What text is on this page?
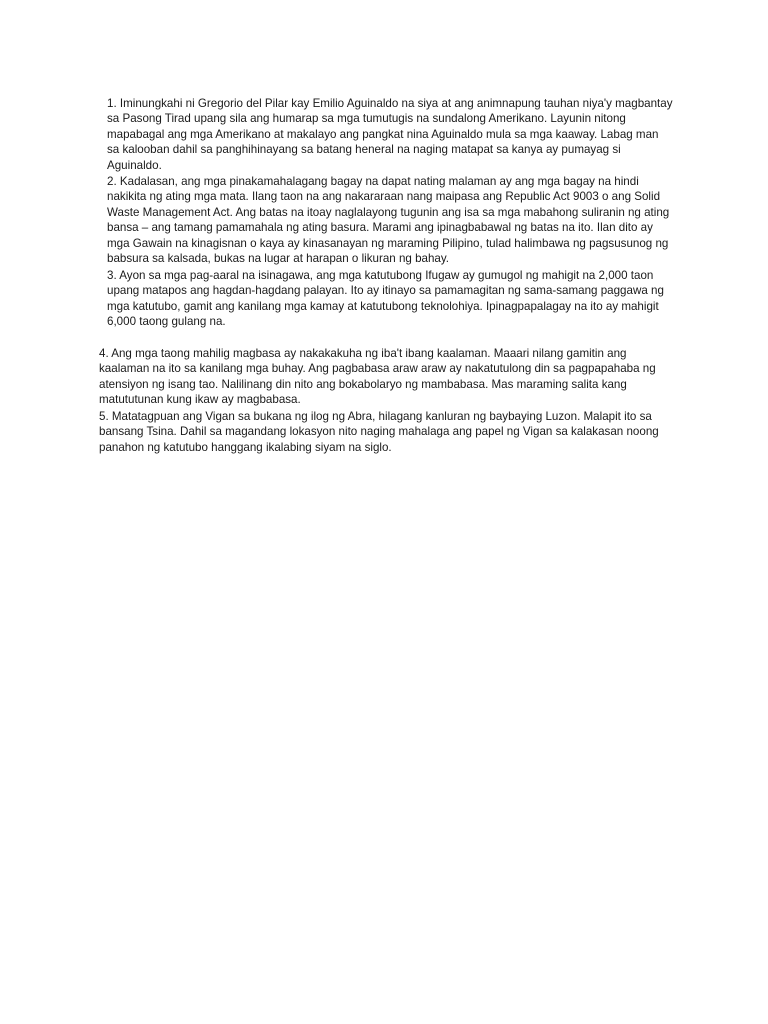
1. Iminungkahi ni Gregorio del Pilar kay Emilio Aguinaldo na siya at ang animnapung tauhan niya'y magbantay
sa Pasong Tirad upang sila ang humarap sa mga tumutugis na sundalong Amerikano. Layunin nitong
mapabagal ang mga Amerikano at makalayo ang pangkat nina Aguinaldo mula sa mga kaaway. Labag man
sa kalooban dahil sa panghihinayang sa batang heneral na naging matapat sa kanya ay pumayag si
Aguinaldo.

2. Kadalasan, ang mga pinakamahalagang bagay na dapat nating malaman ay ang mga bagay na hindi
nakikita ng ating mga mata. Ilang taon na ang nakararaan nang maipasa ang Republic Act 9003 o ang Solid
Waste Management Act. Ang batas na itoay naglalayong tugunin ang isa sa mga mabahong suliranin ng ating
bansa – ang tamang pamamahala ng ating basura. Marami ang ipinagbabawal ng batas na ito. Ilan dito ay
mga Gawain na kinagisnan o kaya ay kinasanayan ng maraming Pilipino, tulad halimbawa ng pagsusunog ng
babsura sa kalsada, bukas na lugar at harapan o likuran ng bahay.

3. Ayon sa mga pag-aaral na isinagawa, ang mga katutubong Ifugaw ay gumugol ng mahigit na 2,000 taon
upang matapos ang hagdan-hagdang palayan. Ito ay itinayo sa pamamagitan ng sama-samang paggawa ng
mga katutubo, gamit ang kanilang mga kamay at katutubong teknolohiya. Ipinagpapalagay na ito ay mahigit
6,000 taong gulang na.

4. Ang mga taong mahilig magbasa ay nakakakuha ng iba't ibang kaalaman. Maaari nilang gamitin ang
kaalaman na ito sa kanilang mga buhay. Ang pagbabasa araw araw ay nakatutulong din sa pagpapahaba ng
atensiyon ng isang tao. Nalilinang din nito ang bokabolaryo ng mambabasa. Mas maraming salita kang
matututunan kung ikaw ay magbabasa.

5. Matatagpuan ang Vigan sa bukana ng ilog ng Abra, hilagang kanluran ng baybaying Luzon. Malapit ito sa
bansang Tsina. Dahil sa magandang lokasyon nito naging mahalaga ang papel ng Vigan sa kalakasan noong
panahon ng katutubo hanggang ikalabing siyam na siglo.
